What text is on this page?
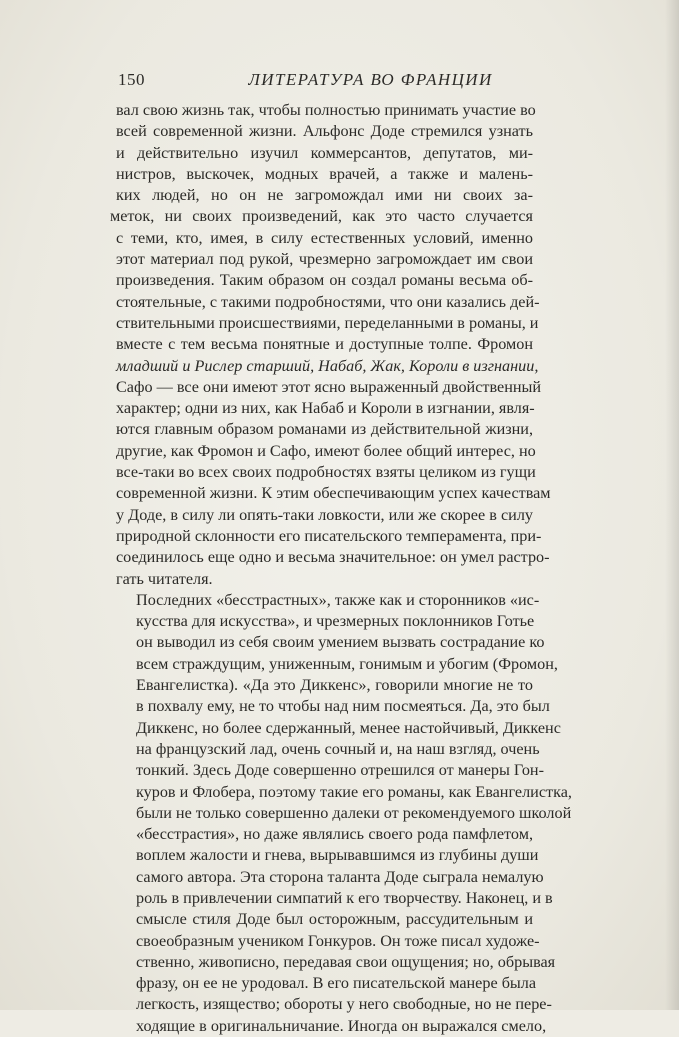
150	ЛИТЕРАТУРА ВО ФРАНЦИИ

вал свою жизнь так, чтобы полностью принимать участие во
всей современной жизни. Альфонс Доде стремился узнать
и действительно изучил коммерсантов, депутатов, ми-
нистров, выскочек, модных врачей, а также и малень-
ких людей, но он не загромождал ими ни своих за-
меток, ни своих произведений, как это часто случается
с теми, кто, имея, в силу естественных условий, именно
этот материал под рукой, чрезмерно загромождает им свои
произведения. Таким образом он создал романы весьма об-
стоятельные, с такими подробностями, что они казались дей-
ствительными происшествиями, переделанными в романы, и
вместе с тем весьма понятные и доступные толпе. Фромон
младший и Рислер старший, Набаб, Жак, Короли в изгнании,
Сафо — все они имеют этот ясно выраженный двойственный
характер; одни из них, как Набаб и Короли в изгнании, явля-
ются главным образом романами из действительной жизни,
другие, как Фромон и Сафо, имеют более общий интерес, но
все-таки во всех своих подробностях взяты целиком из гущи
современной жизни. К этим обеспечивающим успех качествам
у Доде, в силу ли опять-таки ловкости, или же скорее в силу
природной склонности его писательского темперамента, при-
соединилось еще одно и весьма значительное: он умел растро-
гать читателя.

Последних «бесстрастных», также как и сторонников «ис-
кусства для искусства», и чрезмерных поклонников Готье
он выводил из себя своим умением вызвать сострадание ко
всем страждущим, униженным, гонимым и убогим (Фромон,
Евангелистка). «Да это Диккенс», говорили многие не то
в похвалу ему, не то чтобы над ним посмеяться. Да, это был
Диккенс, но более сдержанный, менее настойчивый, Диккенс
на французский лад, очень сочный и, на наш взгляд, очень
тонкий. Здесь Доде совершенно отрешился от манеры Гон-
куров и Флобера, поэтому такие его романы, как Евангелистка,
были не только совершенно далеки от рекомендуемого школой
«бесстрастия», но даже являлись своего рода памфлетом,
воплем жалости и гнева, вырывавшимся из глубины души
самого автора. Эта сторона таланта Доде сыграла немалую
роль в привлечении симпатий к его творчеству. Наконец, и в
смысле стиля Доде был осторожным, рассудительным и
своеобразным учеником Гонкуров. Он тоже писал художе-
ственно, живописно, передавая свои ощущения; но, обрывая
фразу, он ее не уродовал. В его писательской манере была
легкость, изящество; обороты у него свободные, но не пере-
ходящие в оригинальничание. Иногда он выражался смело,
